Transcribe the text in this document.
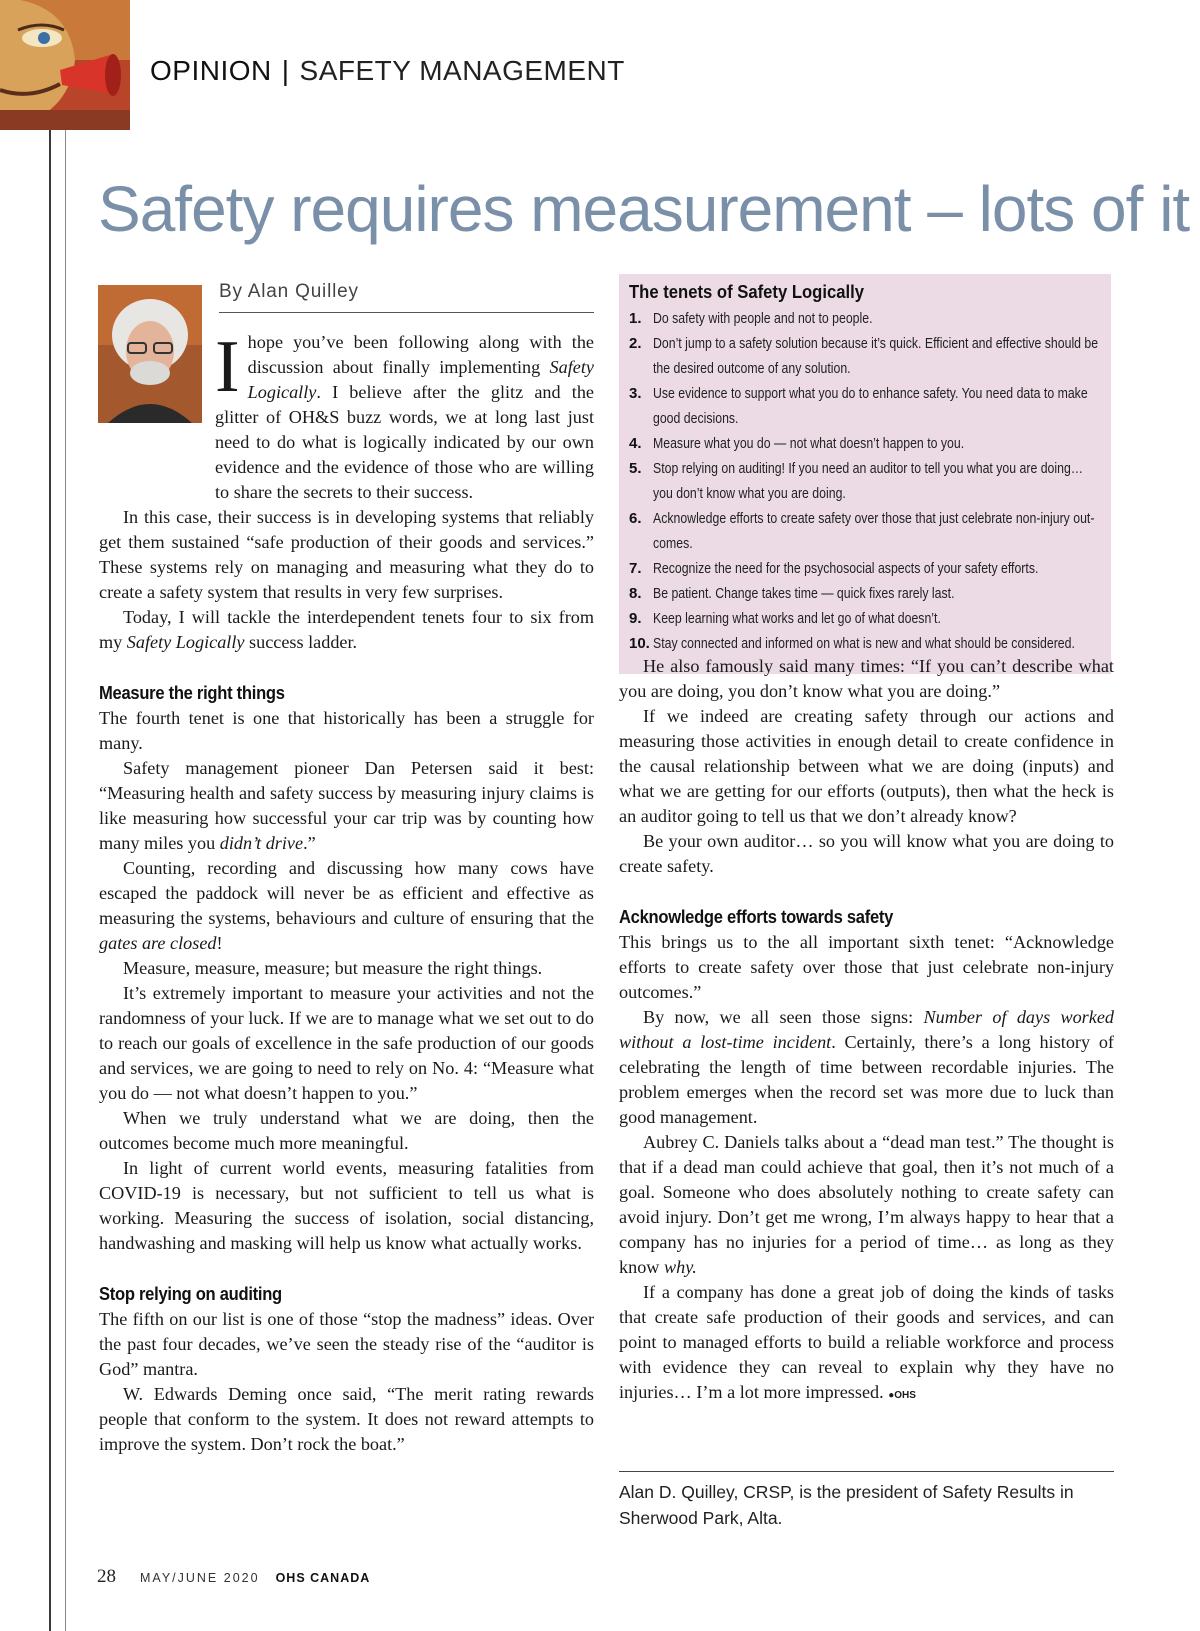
OPINION | SAFETY MANAGEMENT
Safety requires measurement – lots of it
By Alan Quilley

I hope you’ve been following along with the discussion about finally implementing Safety Logically. I believe after the glitz and the glitter of OH&S buzz words, we at long last just need to do what is logically indicated by our own evidence and the evidence of those who are willing to share the secrets to their success.

In this case, their success is in developing systems that reliably get them sustained “safe production of their goods and services.” These systems rely on managing and measuring what they do to create a safety system that results in very few surprises.

Today, I will tackle the interdependent tenets four to six from my Safety Logically success ladder.

Measure the right things

The fourth tenet is one that historically has been a struggle for many.

Safety management pioneer Dan Petersen said it best: “Measuring health and safety success by measuring injury claims is like measuring how successful your car trip was by counting how many miles you didn’t drive.”

Counting, recording and discussing how many cows have escaped the paddock will never be as efficient and effective as measuring the systems, behaviours and culture of ensuring that the gates are closed!

Measure, measure, measure; but measure the right things.

It’s extremely important to measure your activities and not the randomness of your luck. If we are to manage what we set out to do to reach our goals of excellence in the safe production of our goods and services, we are going to need to rely on No. 4: “Measure what you do — not what doesn’t happen to you.”

When we truly understand what we are doing, then the outcomes become much more meaningful.

In light of current world events, measuring fatalities from COVID-19 is necessary, but not sufficient to tell us what is working. Measuring the success of isolation, social distancing, handwashing and masking will help us know what actually works.

Stop relying on auditing

The fifth on our list is one of those “stop the madness” ideas. Over the past four decades, we’ve seen the steady rise of the “auditor is God” mantra.

W. Edwards Deming once said, “The merit rating rewards people that conform to the system. It does not reward attempts to improve the system. Don’t rock the boat.”

The tenets of Safety Logically
1. Do safety with people and not to people.
2. Don’t jump to a safety solution because it’s quick. Efficient and effective should be
the desired outcome of any solution.
3. Use evidence to support what you do to enhance safety. You need data to make
good decisions.
4. Measure what you do — not what doesn’t happen to you.
5. Stop relying on auditing! If you need an auditor to tell you what you are doing…
you don’t know what you are doing.
6. Acknowledge efforts to create safety over those that just celebrate non-injury out-
comes.
7. Recognize the need for the psychosocial aspects of your safety efforts.
8. Be patient. Change takes time — quick fixes rarely last.
9. Keep learning what works and let go of what doesn’t.
10. Stay connected and informed on what is new and what should be considered.

He also famously said many times: “If you can’t describe what you are doing, you don’t know what you are doing.”

If we indeed are creating safety through our actions and measuring those activities in enough detail to create confidence in the causal relationship between what we are doing (inputs) and what we are getting for our efforts (outputs), then what the heck is an auditor going to tell us that we don’t already know?

Be your own auditor… so you will know what you are doing to create safety.

Acknowledge efforts towards safety

This brings us to the all important sixth tenet: “Acknowledge efforts to create safety over those that just celebrate non-injury outcomes.”

By now, we all seen those signs: Number of days worked without a lost-time incident. Certainly, there’s a long history of celebrating the length of time between recordable injuries. The problem emerges when the record set was more due to luck than good management.

Aubrey C. Daniels talks about a “dead man test.” The thought is that if a dead man could achieve that goal, then it’s not much of a goal. Someone who does absolutely nothing to create safety can avoid injury. Don’t get me wrong, I’m always happy to hear that a company has no injuries for a period of time… as long as they know why.

If a company has done a great job of doing the kinds of tasks that create safe production of their goods and services, and can point to managed efforts to build a reliable workforce and process with evidence they can reveal to explain why they have no injuries… I’m a lot more impressed. ●OHS

Alan D. Quilley, CRSP, is the president of Safety Results in Sherwood Park, Alta.
28 MAY/JUNE 2020 OHS CANADA
